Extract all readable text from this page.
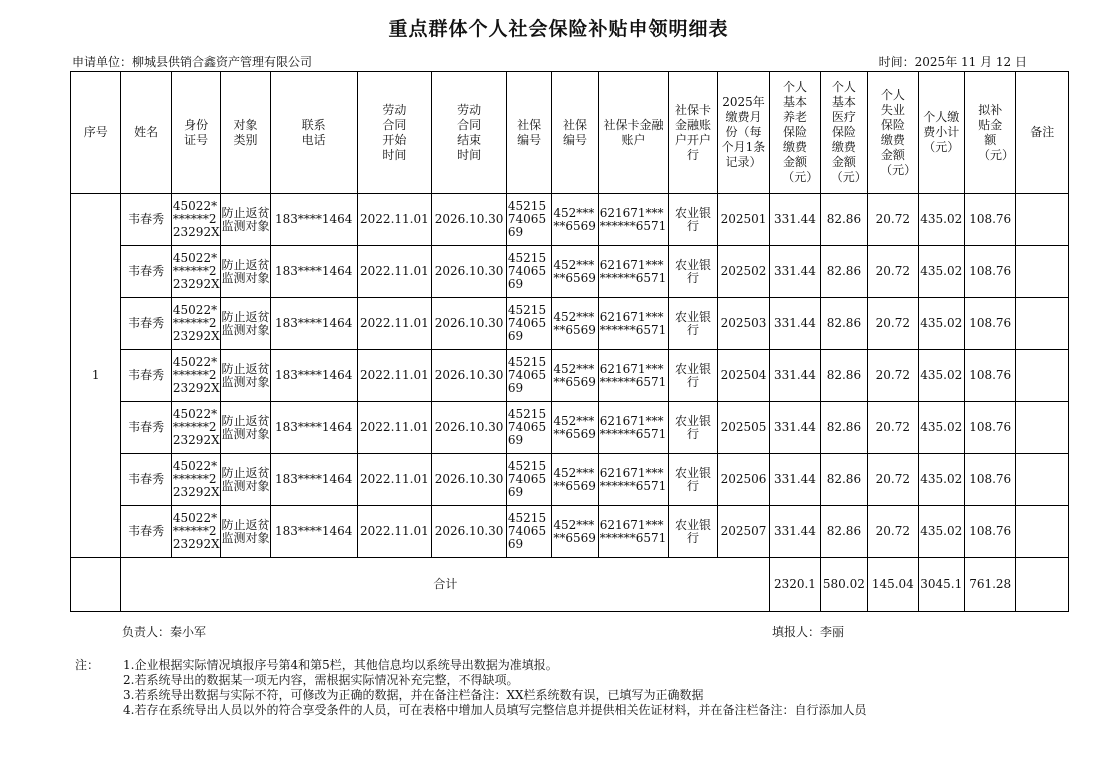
重点群体个人社会保险补贴申领明细表
申请单位：柳城县供销合鑫资产管理有限公司	时间：2025年 11 月 12 日
序号	姓名	身份证号	对象类别	联系电话	劳动合同开始时间	劳动合同结束时间	社保编号	社保编号	社保卡金融账户	社保卡金融账户开户行	2025年缴费月份（每个月1条记录）	个人基本养老保险缴费金额（元）	个人基本医疗保险缴费金额（元）	个人失业保险缴费金额（元）	个人缴费小计（元）	拟补贴金额（元）	备注
1	韦春秀	45022*******223292X	防止返贫监测对象	183****1464	2022.11.01	2026.10.30	452157406569	452*****6569	621671*********6571	农业银行	202501	331.44	82.86	20.72	435.02	108.76	
	韦春秀	45022*******223292X	防止返贫监测对象	183****1464	2022.11.01	2026.10.30	452157406569	452*****6569	621671*********6571	农业银行	202502	331.44	82.86	20.72	435.02	108.76	
	韦春秀	45022*******223292X	防止返贫监测对象	183****1464	2022.11.01	2026.10.30	452157406569	452*****6569	621671*********6571	农业银行	202503	331.44	82.86	20.72	435.02	108.76	
	韦春秀	45022*******223292X	防止返贫监测对象	183****1464	2022.11.01	2026.10.30	452157406569	452*****6569	621671*********6571	农业银行	202504	331.44	82.86	20.72	435.02	108.76	
	韦春秀	45022*******223292X	防止返贫监测对象	183****1464	2022.11.01	2026.10.30	452157406569	452*****6569	621671*********6571	农业银行	202505	331.44	82.86	20.72	435.02	108.76	
	韦春秀	45022*******223292X	防止返贫监测对象	183****1464	2022.11.01	2026.10.30	452157406569	452*****6569	621671*********6571	农业银行	202506	331.44	82.86	20.72	435.02	108.76	
	韦春秀	45022*******223292X	防止返贫监测对象	183****1464	2022.11.01	2026.10.30	452157406569	452*****6569	621671*********6571	农业银行	202507	331.44	82.86	20.72	435.02	108.76	
	合计											2320.1	580.02	145.04	3045.1	761.28	
负责人：秦小军	填报人：李丽
注： 1.企业根据实际情况填报序号第4和第5栏，其他信息均以系统导出数据为准填报。
2.若系统导出的数据某一项无内容，需根据实际情况补充完整，不得缺项。
3.若系统导出数据与实际不符，可修改为正确的数据，并在备注栏备注：XX栏系统数有误，已填写为正确数据
4.若存在系统导出人员以外的符合享受条件的人员，可在表格中增加人员填写完整信息并提供相关佐证材料，并在备注栏备注：自行添加人员
